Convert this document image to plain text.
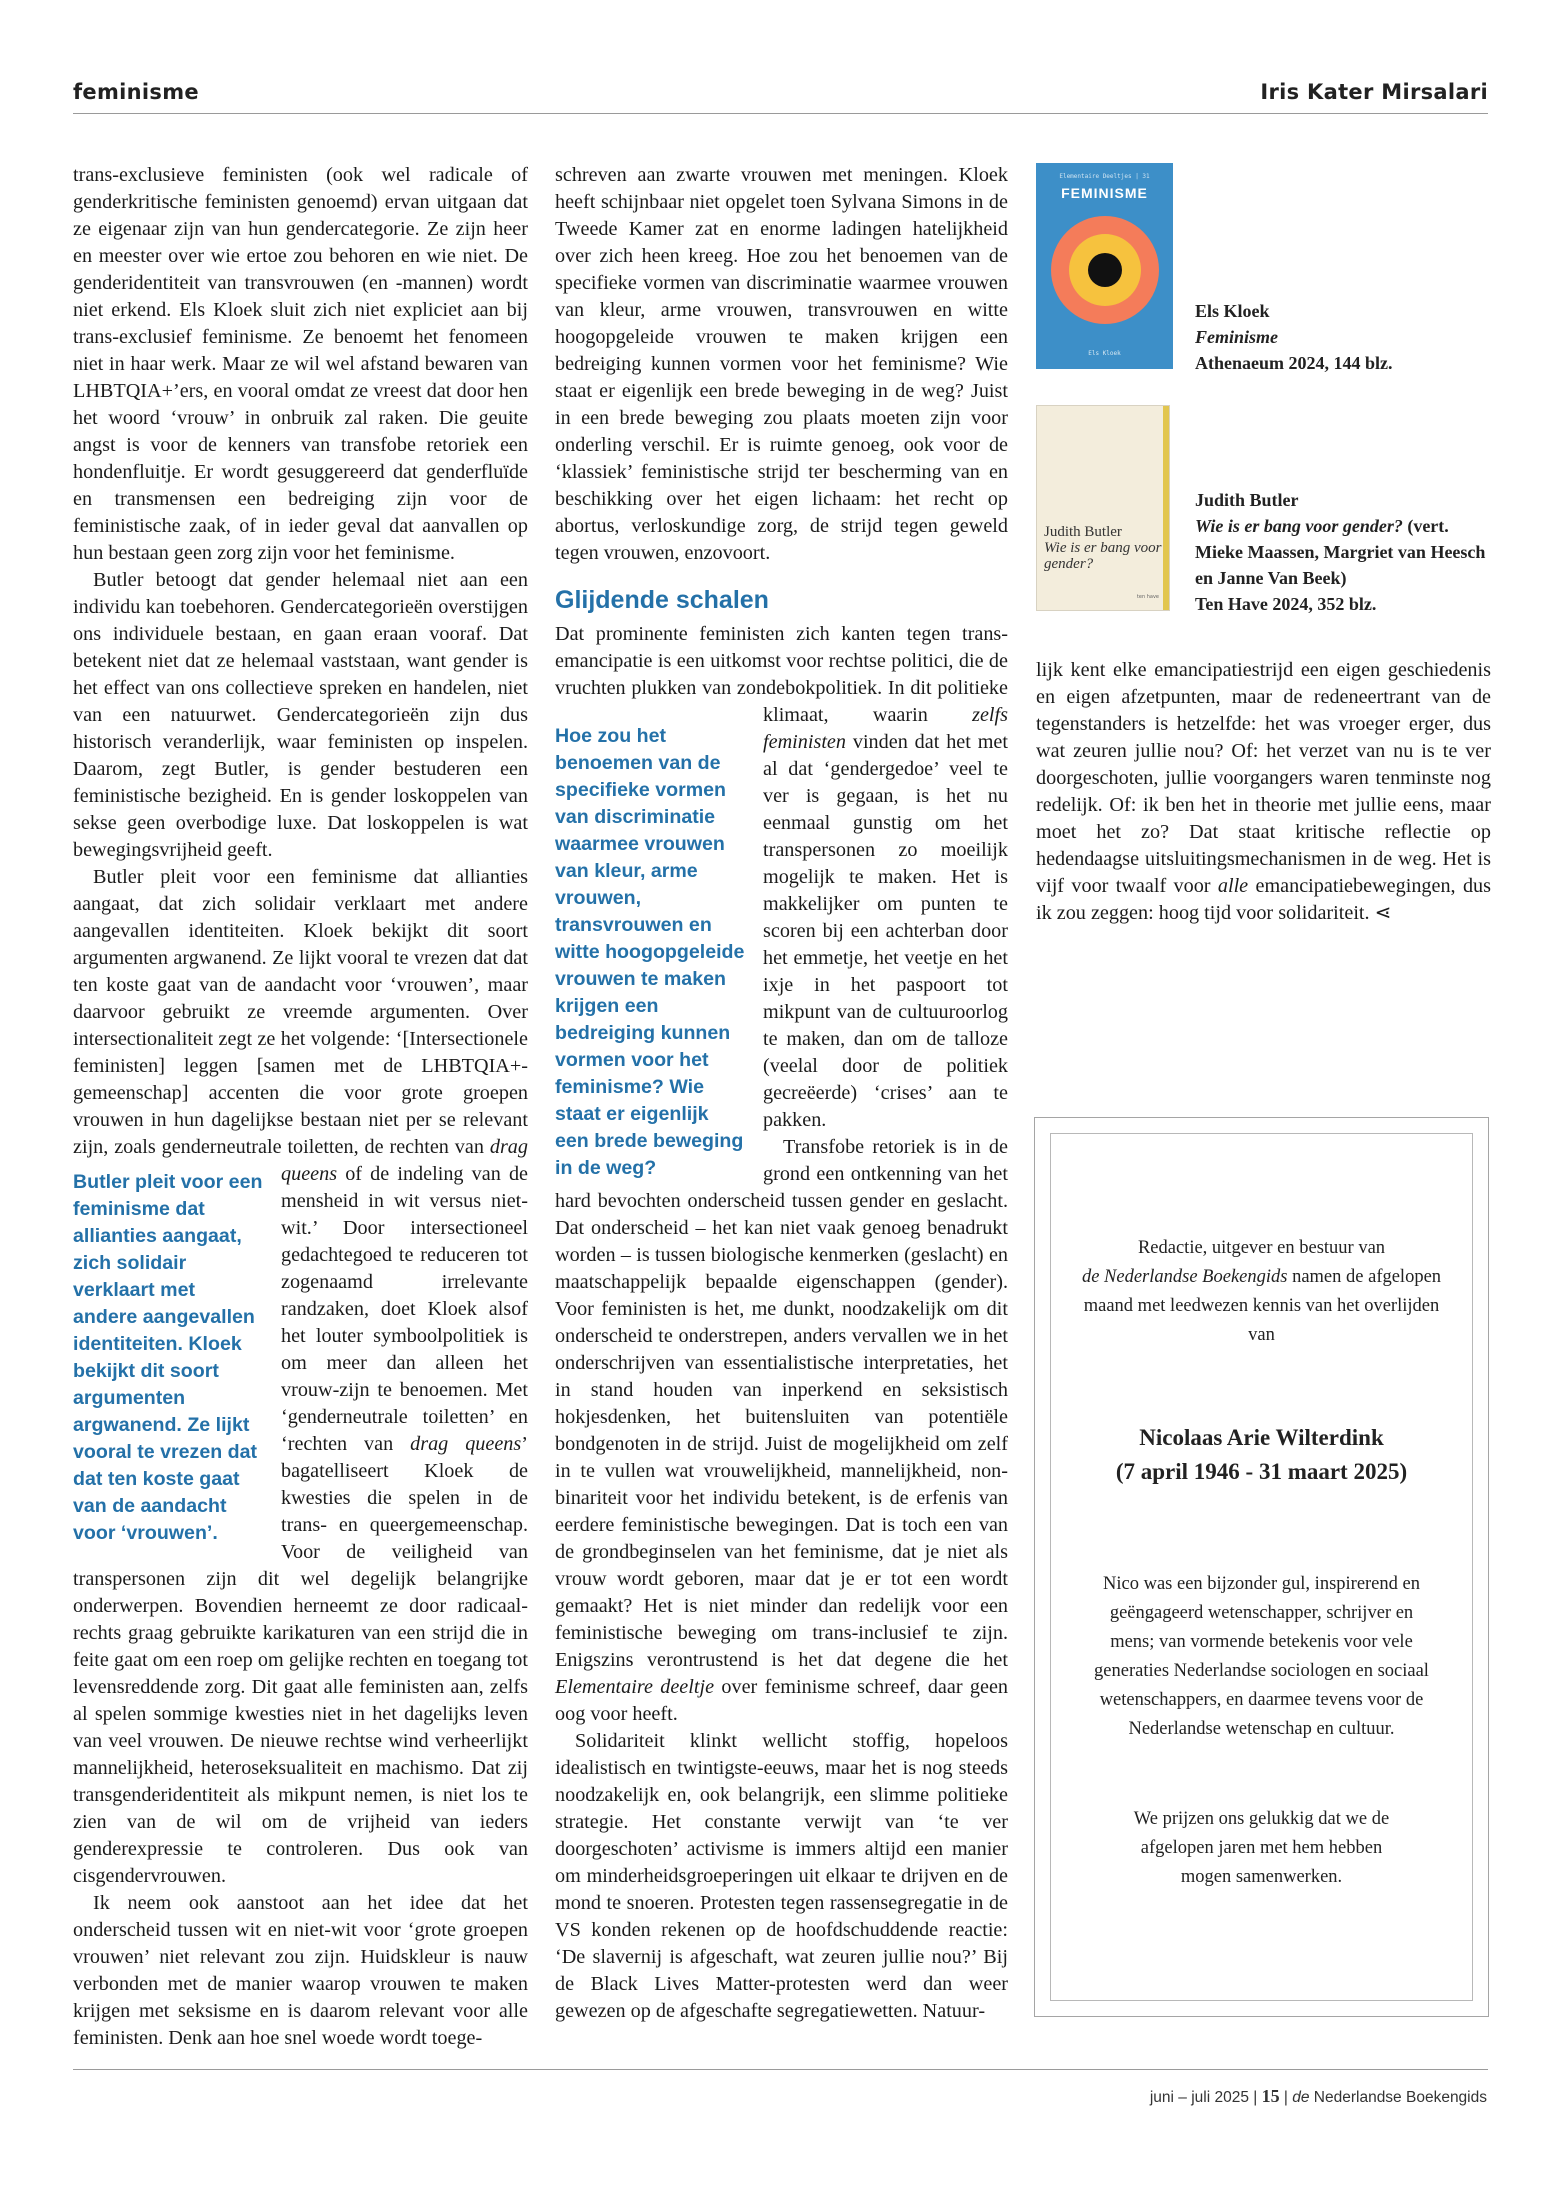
feminisme	Iris Kater Mirsalari
Butler pleit voor een feminisme dat allianties aangaat, zich solidair verklaart met andere aangevallen identiteiten. Kloek bekijkt dit soort argumenten argwanend. Ze lijkt vooral te vrezen dat dat ten koste gaat van de aandacht voor ‘vrouwen’.

trans-exclusieve feministen (ook wel radicale of genderkritische feministen genoemd) ervan uitgaan dat ze eigenaar zijn van hun gendercategorie. Ze zijn heer en meester over wie ertoe zou behoren en wie niet. De genderidentiteit van transvrouwen (en -mannen) wordt niet erkend. Els Kloek sluit zich niet expliciet aan bij trans-exclusief feminisme. Ze benoemt het fenomeen niet in haar werk. Maar ze wil wel afstand bewaren van LHBTQIA+’ers, en vooral omdat ze vreest dat door hen het woord ‘vrouw’ in onbruik zal raken. Die geuite angst is voor de kenners van transfobe retoriek een hondenfluitje. Er wordt gesuggereerd dat genderfluïde en transmensen een bedreiging zijn voor de feministische zaak, of in ieder geval dat aanvallen op hun bestaan geen zorg zijn voor het feminisme.

Butler betoogt dat gender helemaal niet aan een individu kan toebehoren. Gendercategorieën overstijgen ons individuele bestaan, en gaan eraan vooraf. Dat betekent niet dat ze helemaal vaststaan, want gender is het effect van ons collectieve spreken en handelen, niet van een natuurwet. Gendercategorieën zijn dus historisch veranderlijk, waar feministen op inspelen. Daarom, zegt Butler, is gender bestuderen een feministische bezigheid. En is gender loskoppelen van sekse geen overbodige luxe. Dat loskoppelen is wat bewegingsvrijheid geeft.

Butler pleit voor een feminisme dat allianties aangaat, dat zich solidair verklaart met andere aangevallen identiteiten. Kloek bekijkt dit soort argumenten argwanend. Ze lijkt vooral te vrezen dat dat ten koste gaat van de aandacht voor ‘vrouwen’, maar daarvoor gebruikt ze vreemde argumenten. Over intersectionaliteit zegt ze het volgende: ‘[Intersectionele feministen] leggen [samen met de LHBTQIA+-gemeenschap] accenten die voor grote groepen vrouwen in hun dagelijkse bestaan niet per se relevant zijn, zoals genderneutrale toiletten, de rechten van drag queens of de indeling van de mensheid in wit versus niet-wit.’ Door intersectioneel gedachtegoed te reduceren tot zogenaamd irrelevante randzaken, doet Kloek alsof het louter symboolpolitiek is om meer dan alleen het vrouw-zijn te benoemen. Met ‘genderneutrale toiletten’ en ‘rechten van drag queens’ bagatelliseert Kloek de kwesties die spelen in de trans- en queergemeenschap. Voor de veiligheid van transpersonen zijn dit wel degelijk belangrijke onderwerpen. Bovendien herneemt ze door radicaal-rechts graag gebruikte karikaturen van een strijd die in feite gaat om een roep om gelijke rechten en toegang tot levensreddende zorg. Dit gaat alle feministen aan, zelfs al spelen sommige kwesties niet in het dagelijks leven van veel vrouwen. De nieuwe rechtse wind verheerlijkt mannelijkheid, heteroseksualiteit en machismo. Dat zij transgenderidentiteit als mikpunt nemen, is niet los te zien van de wil om de vrijheid van ieders genderexpressie te controleren. Dus ook van cisgendervrouwen.

Ik neem ook aanstoot aan het idee dat het onderscheid tussen wit en niet-wit voor ‘grote groepen vrouwen’ niet relevant zou zijn. Huidskleur is nauw verbonden met de manier waarop vrouwen te maken krijgen met seksisme en is daarom relevant voor alle feministen. Denk aan hoe snel woede wordt toege-

Hoe zou het benoemen van de specifieke vormen van discriminatie waarmee vrouwen van kleur, arme vrouwen, transvrouwen en witte hoogopgeleide vrouwen te maken krijgen een bedreiging kunnen vormen voor het feminisme? Wie staat er eigenlijk een brede beweging in de weg?

schreven aan zwarte vrouwen met meningen. Kloek heeft schijnbaar niet opgelet toen Sylvana Simons in de Tweede Kamer zat en enorme ladingen hatelijkheid over zich heen kreeg. Hoe zou het benoemen van de specifieke vormen van discriminatie waarmee vrouwen van kleur, arme vrouwen, transvrouwen en witte hoogopgeleide vrouwen te maken krijgen een bedreiging kunnen vormen voor het feminisme? Wie staat er eigenlijk een brede beweging in de weg? Juist in een brede beweging zou plaats moeten zijn voor onderling verschil. Er is ruimte genoeg, ook voor de ‘klassiek’ feministische strijd ter bescherming van en beschikking over het eigen lichaam: het recht op abortus, verloskundige zorg, de strijd tegen geweld tegen vrouwen, enzovoort.

Glijdende schalen

Dat prominente feministen zich kanten tegen trans-emancipatie is een uitkomst voor rechtse politici, die de vruchten plukken van zondebokpolitiek. In dit politieke klimaat, waarin zelfs feministen vinden dat het met al dat ‘gendergedoe’ veel te ver is gegaan, is het nu eenmaal gunstig om het transpersonen zo moeilijk mogelijk te maken. Het is makkelijker om punten te scoren bij een achterban door het emmetje, het veetje en het ixje in het paspoort tot mikpunt van de cultuuroorlog te maken, dan om de talloze (veelal door de politiek gecreëerde) ‘crises’ aan te pakken.

Transfobe retoriek is in de grond een ontkenning van het hard bevochten onderscheid tussen gender en geslacht. Dat onderscheid – het kan niet vaak genoeg benadrukt worden – is tussen biologische kenmerken (geslacht) en maatschappelijk bepaalde eigenschappen (gender). Voor feministen is het, me dunkt, noodzakelijk om dit onderscheid te onderstrepen, anders vervallen we in het onderschrijven van essentialistische interpretaties, het in stand houden van inperkend en seksistisch hokjesdenken, het buitensluiten van potentiële bondgenoten in de strijd. Juist de mogelijkheid om zelf in te vullen wat vrouwelijkheid, mannelijkheid, non-binariteit voor het individu betekent, is de erfenis van eerdere feministische bewegingen. Dat is toch een van de grondbeginselen van het feminisme, dat je niet als vrouw wordt geboren, maar dat je er tot een wordt gemaakt? Het is niet minder dan redelijk voor een feministische beweging om trans-inclusief te zijn. Enigszins verontrustend is het dat degene die het Elementaire deeltje over feminisme schreef, daar geen oog voor heeft.

Solidariteit klinkt wellicht stoffig, hopeloos idealistisch en twintigste-eeuws, maar het is nog steeds noodzakelijk en, ook belangrijk, een slimme politieke strategie. Het constante verwijt van ‘te ver doorgeschoten’ activisme is immers altijd een manier om minderheidsgroeperingen uit elkaar te drijven en de mond te snoeren. Protesten tegen rassensegregatie in de VS konden rekenen op de hoofdschuddende reactie: ‘De slavernij is afgeschaft, wat zeuren jullie nou?’ Bij de Black Lives Matter-protesten werd dan weer gewezen op de afgeschafte segregatiewetten. Natuur-

Elementaire Deeltjes | 31
FEMINISME
Els Kloek
Els Kloek
Feminisme
Athenaeum 2024, 144 blz.
Judith Butler
Wie is er bang voor gender?
ten have
Judith Butler
Wie is er bang voor gender? (vert. Mieke Maassen, Margriet van Heesch en Janne Van Beek)
Ten Have 2024, 352 blz.

lijk kent elke emancipatiestrijd een eigen geschiedenis en eigen afzetpunten, maar de redeneertrant van de tegenstanders is hetzelfde: het was vroeger erger, dus wat zeuren jullie nou? Of: het verzet van nu is te ver doorgeschoten, jullie voorgangers waren tenminste nog redelijk. Of: ik ben het in theorie met jullie eens, maar moet het zo? Dat staat kritische reflectie op hedendaagse uitsluitingsmechanismen in de weg. Het is vijf voor twaalf voor alle emancipatiebewegingen, dus ik zou zeggen: hoog tijd voor solidariteit. ⋖

Redactie, uitgever en bestuur van
de Nederlandse Boekengids namen de afgelopen maand met leedwezen kennis van het overlijden van
Nicolaas Arie Wilterdink
(7 april 1946 - 31 maart 2025)
Nico was een bijzonder gul, inspirerend en geëngageerd wetenschapper, schrijver en mens; van vormende betekenis voor vele generaties Nederlandse sociologen en sociaal wetenschappers, en daarmee tevens voor de Nederlandse wetenschap en cultuur.
We prijzen ons gelukkig dat we de afgelopen jaren met hem hebben mogen samenwerken.
juni – juli 2025 | 15 | de Nederlandse Boekengids
